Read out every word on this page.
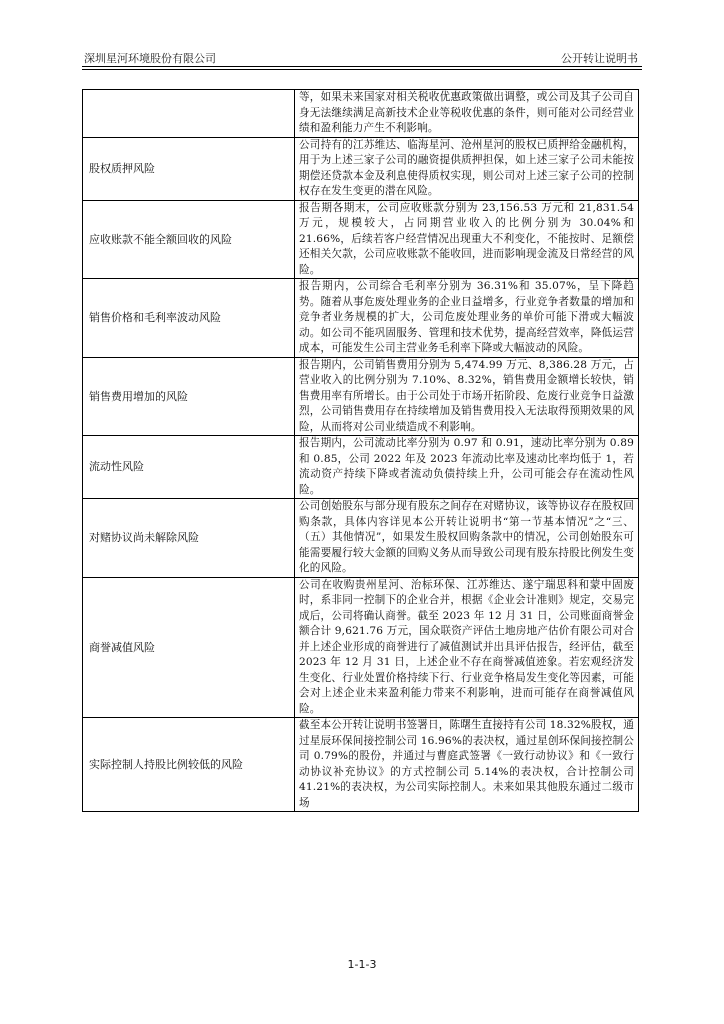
深圳星河环境股份有限公司	公开转让说明书
	等，如果未来国家对相关税收优惠政策做出调整，或公司及其子公司自身无法继续满足高新技术企业等税收优惠的条件，则可能对公司经营业绩和盈利能力产生不利影响。
股权质押风险	公司持有的江苏维达、临海星河、沧州星河的股权已质押给金融机构，用于为上述三家子公司的融资提供质押担保，如上述三家子公司未能按期偿还贷款本金及利息使得质权实现，则公司对上述三家子公司的控制权存在发生变更的潜在风险。
应收账款不能全额回收的风险	报告期各期末，公司应收账款分别为 23,156.53 万元和 21,831.54 万元，规模较大，占同期营业收入的比例分别为 30.04%和 21.66%，后续若客户经营情况出现重大不利变化，不能按时、足额偿还相关欠款，公司应收账款不能收回，进而影响现金流及日常经营的风险。
销售价格和毛利率波动风险	报告期内，公司综合毛利率分别为 36.31%和 35.07%，呈下降趋势。随着从事危废处理业务的企业日益增多，行业竞争者数量的增加和竞争者业务规模的扩大，公司危废处理业务的单价可能下滑或大幅波动。如公司不能巩固服务、管理和技术优势，提高经营效率，降低运营成本，可能发生公司主营业务毛利率下降或大幅波动的风险。
销售费用增加的风险	报告期内，公司销售费用分别为 5,474.99 万元、8,386.28 万元，占营业收入的比例分别为 7.10%、8.32%，销售费用金额增长较快，销售费用率有所增长。由于公司处于市场开拓阶段、危废行业竞争日益激烈，公司销售费用存在持续增加及销售费用投入无法取得预期效果的风险，从而将对公司业绩造成不利影响。
流动性风险	报告期内，公司流动比率分别为 0.97 和 0.91，速动比率分别为 0.89 和 0.85，公司 2022 年及 2023 年流动比率及速动比率均低于 1，若流动资产持续下降或者流动负债持续上升，公司可能会存在流动性风险。
对赌协议尚未解除风险	公司创始股东与部分现有股东之间存在对赌协议，该等协议存在股权回购条款，具体内容详见本公开转让说明书“第一节基本情况”之“三、（五）其他情况”，如果发生股权回购条款中的情况，公司创始股东可能需要履行较大金额的回购义务从而导致公司现有股东持股比例发生变化的风险。
商誉减值风险	公司在收购贵州星河、治标环保、江苏维达、遂宁瑞思科和蒙中固废时，系非同一控制下的企业合并，根据《企业会计准则》规定，交易完成后，公司将确认商誉。截至 2023 年 12 月 31 日，公司账面商誉金额合计 9,621.76 万元，国众联资产评估土地房地产估价有限公司对合并上述企业形成的商誉进行了减值测试并出具评估报告，经评估，截至 2023 年 12 月 31 日，上述企业不存在商誉减值迹象。若宏观经济发生变化、行业处置价格持续下行、行业竞争格局发生变化等因素，可能会对上述企业未来盈利能力带来不利影响，进而可能存在商誉减值风险。
实际控制人持股比例较低的风险	截至本公开转让说明书签署日，陈曙生直接持有公司 18.32%股权，通过星辰环保间接控制公司 16.96%的表决权，通过星创环保间接控制公司 0.79%的股份，并通过与曹庭武签署《一致行动协议》和《一致行动协议补充协议》的方式控制公司 5.14%的表决权，合计控制公司 41.21%的表决权，为公司实际控制人。未来如果其他股东通过二级市场
1-1-3
